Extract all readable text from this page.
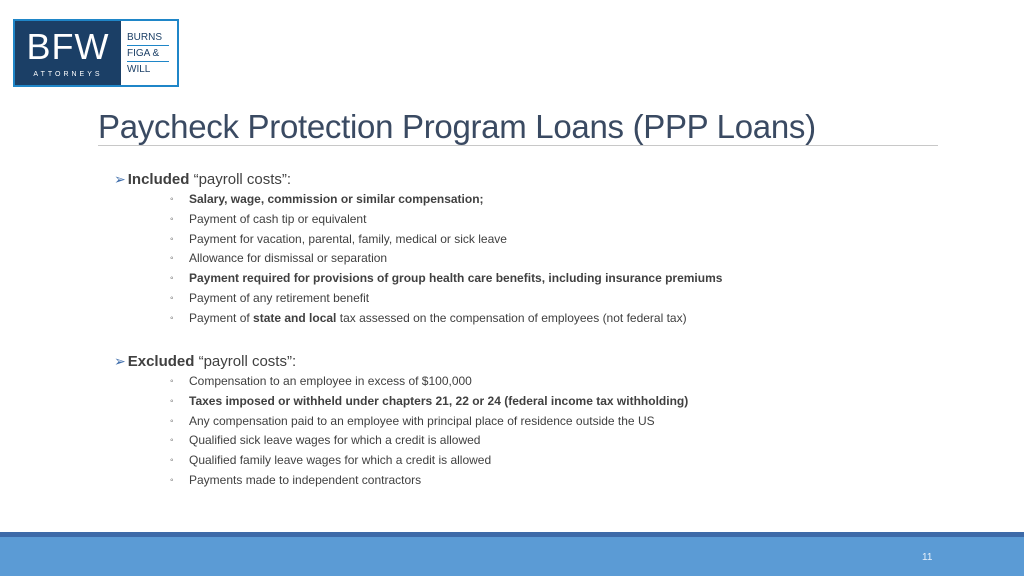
BFW
ATTORNEYS
BURNS
FIGA &
WILL
Paycheck Protection Program Loans (PPP Loans)
➢ Included “payroll costs”:
◦ Salary, wage, commission or similar compensation;
◦ Payment of cash tip or equivalent
◦ Payment for vacation, parental, family, medical or sick leave
◦ Allowance for dismissal or separation
◦ Payment required for provisions of group health care benefits, including insurance premiums
◦ Payment of any retirement benefit
◦ Payment of state and local tax assessed on the compensation of employees (not federal tax)
➢ Excluded “payroll costs”:
◦ Compensation to an employee in excess of $100,000
◦ Taxes imposed or withheld under chapters 21, 22 or 24 (federal income tax withholding)
◦ Any compensation paid to an employee with principal place of residence outside the US
◦ Qualified sick leave wages for which a credit is allowed
◦ Qualified family leave wages for which a credit is allowed
◦ Payments made to independent contractors
11
